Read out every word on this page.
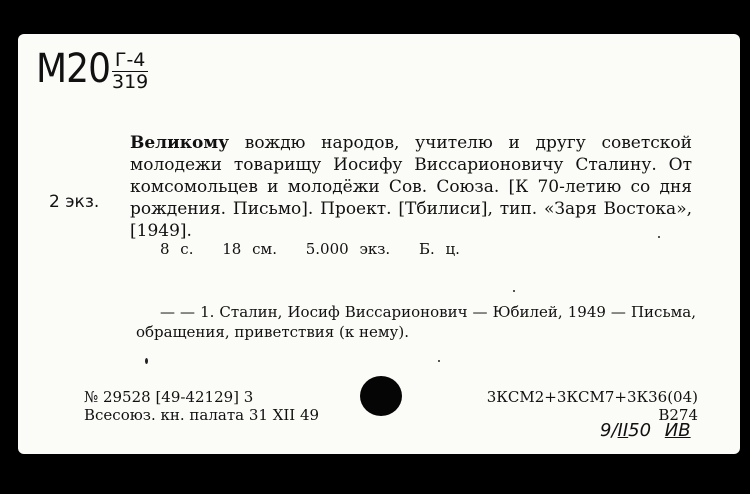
М20 Г-4
319
2 экз.

Великому вождю народов, учителю и другу советской молодежи товарищу Иосифу Виссарионовичу Сталину. От комсомольцев и молодёжи Сов. Союза. [К 70-летию со дня рождения. Письмо]. Проект. [Тбилиси], тип. «Заря Востока», [1949].

8 с. 18 см. 5.000 экз. Б. ц.

— — 1. Сталин, Иосиф Виссарионович — Юбилей, 1949 — Письма, обращения, приветствия (к нему).

№ 29528 [49-42129] 3
Всесоюз. кн. палата 31 XII 49
3КСМ2+3КСМ7+3К36(04)
В274
9/II50 ИВ
